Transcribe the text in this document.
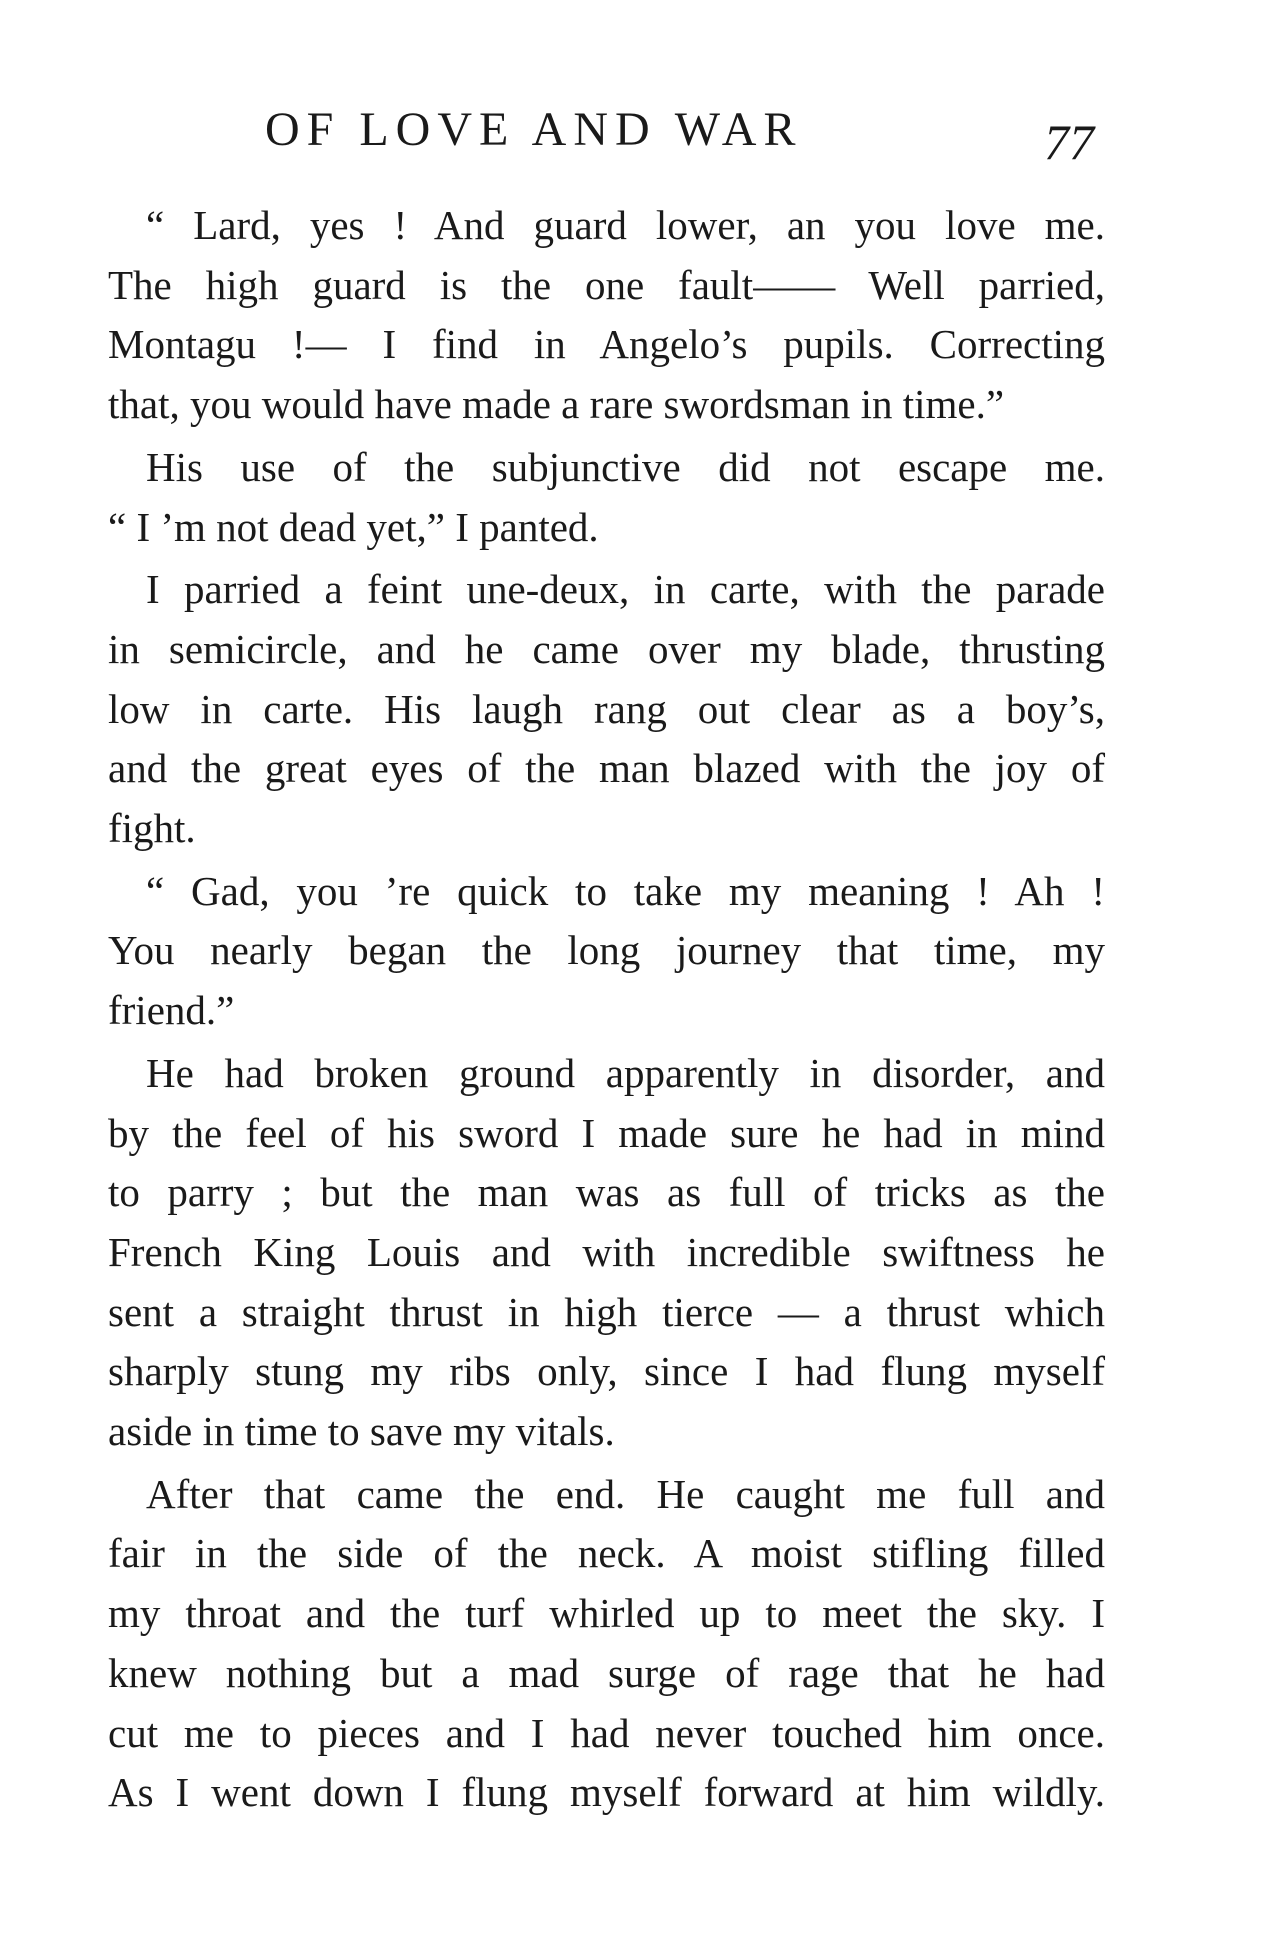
OF LOVE AND WAR	77
“ Lard, yes ! And guard lower, an you love me.
The high guard is the one fault—— Well parried,
Montagu !— I find in Angelo’s pupils. Correcting
that, you would have made a rare swordsman in time.”
His use of the subjunctive did not escape me.
“ I ’m not dead yet,” I panted.
I parried a feint une-deux, in carte, with the parade
in semicircle, and he came over my blade, thrusting
low in carte. His laugh rang out clear as a boy’s,
and the great eyes of the man blazed with the joy of
fight.
“ Gad, you ’re quick to take my meaning ! Ah !
You nearly began the long journey that time, my
friend.”
He had broken ground apparently in disorder, and
by the feel of his sword I made sure he had in mind
to parry ; but the man was as full of tricks as the
French King Louis and with incredible swiftness he
sent a straight thrust in high tierce — a thrust which
sharply stung my ribs only, since I had flung myself
aside in time to save my vitals.
After that came the end. He caught me full and
fair in the side of the neck. A moist stifling filled
my throat and the turf whirled up to meet the sky. I
knew nothing but a mad surge of rage that he had
cut me to pieces and I had never touched him once.
As I went down I flung myself forward at him wildly.
